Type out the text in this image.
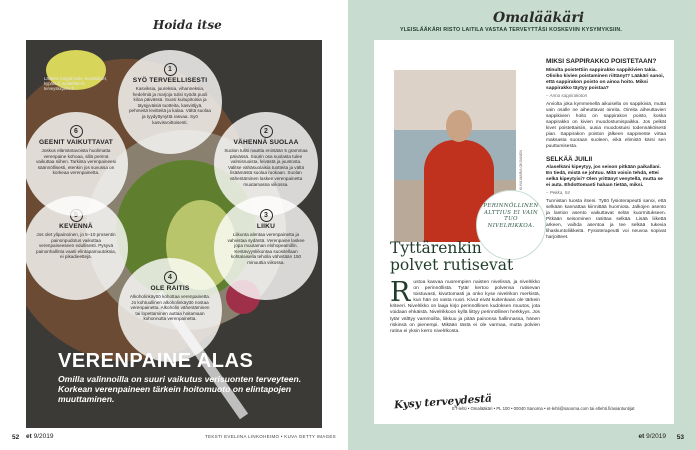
Hoida itse
Lähteet: Käypä hoito -suositukset, kypärä.fi, sydänliitto.fi, terveyskirjasto.fi
1
SYÖ TERVEELLISESTI
Kasviksia, juureksia, vihanneksia, hedelmiä ja marjoja tulisi syödä puoli kiloa päivässä. Suosi kuitupitoisia ja täysjyväisiä tuotteita, kasviöljyä, pehmeitä levitteitä ja kalaa. Vältä suolaa ja tyydyttynyttä rasvaa. Syö kasvisvoittoisesti.
2
VÄHENNÄ SUOLAA
Suolan tulisi nauttia enintään 5 grammaa päivässä. Suurin osa suolasta tulee valmisruoista, leivästä ja juustosta. Valitse vähäsuolaisia tuotteita ja vältä lisäämästä suolaa ruokaan. Suolan vähentäminen laskee verenpainetta muutamassa viikossa.
3
LIIKU
Liikunta alentaa verenpainetta ja vahvistaa sydäntä. Verenpaine laskee jopa muutaman elohopeamillin. Kestävyysliikuntaa suositellaan kohtalaisella teholla vähintään 150 minuuttia viikossa.
4
OLE RAITIS
Alkoholinkäyttö kohottaa verenpainetta. Jo kohtuullinen alkoholinkäyttö nostaa verenpainetta. Alkoholin vähentäminen tai lopettaminen auttaa hoitamaan kohonnutta verenpainetta.
KEVENNÄ
Jos olet ylipainoinen, jo 5–10 prosentin painonpudotus vaikuttaa verenpaineeseen edullisesti. Pysyvä painonhallinta vaatii elintapamuutoksia, ei pikadieettejä.
6
GEENIT VAIKUTTAVAT
Joskus elämäntavoista huolimatta verenpaine kohoaa, sillä perimä vaikuttaa siihen. Tarkista verenpaineesi säännöllisesti, etenkin jos suvussa on korkeaa verenpainetta.
VERENPAINE ALAS
Omilla valinnoilla on suuri vaikutus verisuonten terveyteen. Korkean verenpaineen tärkein hoitomuoto on elintapojen muuttaminen.
52 et 9/2019	TEKSTI EVELIINA LINKOHEIMO • KUVA GETTY IMAGES
Omalääkäri
YLEISLÄÄKÄRI RISTO LAITILA VASTAA TERVEYTTÄSI KOSKEVIIN KYSYMYKSIIN.
KUVA MARIA OKSANEN
PERINNÖLLINEN ALTTIUS EI VAIN TUO NIVELRIKKOA.
Tyttärenkin polvet rutisevat
Rustoa kasvaa nuorempien naisten nivelissä, ja nivelrikko on perinnöllistä. Tytär kertoo polvensa rutisevan toistuvasti, kivuttomasti ja onko kyse nivelrikon merkistä, kun hän on vasta nuori. Kivut eivät kuitenkaan ole tärkein kriteeri. Nivelrikko on laaja kirjo perinnöllinen kudoksen muutos, jota voidaan ehkäistä. Nivelrikkoon kyllä liittyy perinnöllinen herkkyys. Jos tytär välttyy vammoilta, liikkuu ja pitää painonsa hallinnassa, hänen riskinsä on pienempi. Mikään tästä ei ole varmaa, mutta polvien rutina ei yksin kerro nivelrikosta.
MIKSI SAPPIRAKKO POISTETAAN?
Minulta poistettiin sappirakko sappikivien takia. Olisiko kivien poistaminen riittänyt? Lääkäri sanoi, että sappirakon poisto on ainoa hoito. Miksi sappirakko täytyy poistaa?
– Anna sappirakoton
Arviolta joka kymmenellä aikuisella on sappikiviä, mutta vain osalle ne aiheuttavat oireita. Oireita aiheuttavien sappikivien hoito on sappirakon poisto, koska sappirakko on kivien muodostumispaikka. Jos pelkät kivet poistettaisiin, uusia muodostuisi todennäköisesti pian. Sappirakon poiston jälkeen sappineste virtaa maksasta suoraan suoleen, eikä elimistö kärsi sen puuttumisesta.
SELKÄÄ JUILII
Alaselkäni kipeytyy, jos seison pitkään paikallani. En tiedä, mistä se johtuu. Mitä voisin tehdä, ettei selkä kipeytyisi? Olen yrittänyt venytellä, mutta se ei auta. Ehdottomasti haluan tietää, miksi.
– Pekka, 54
Tunnistan tuosta itseni. Tyttö fysioterapeutti sanoi, että selkään kannattaa kiinnittää huomiota. Jalkojen asento ja lantion asento vaikuttavat selän kuormitukseen. Pitkään seisominen rasittaa selkää. Lisää liikettä arkeen, vaihda asentoa ja tee selkää tukevia lihaskuntoliikkeitä. Fysioterapeutti voi neuvoa sopivat harjoitteet.
Kysy terveydestä
ET-lehti • Omalääkäri • PL 100 • 00040 Sanoma • et-lehti@sanoma.com tai etlehti.fi/asiantuntijat
et 9/2019 53
